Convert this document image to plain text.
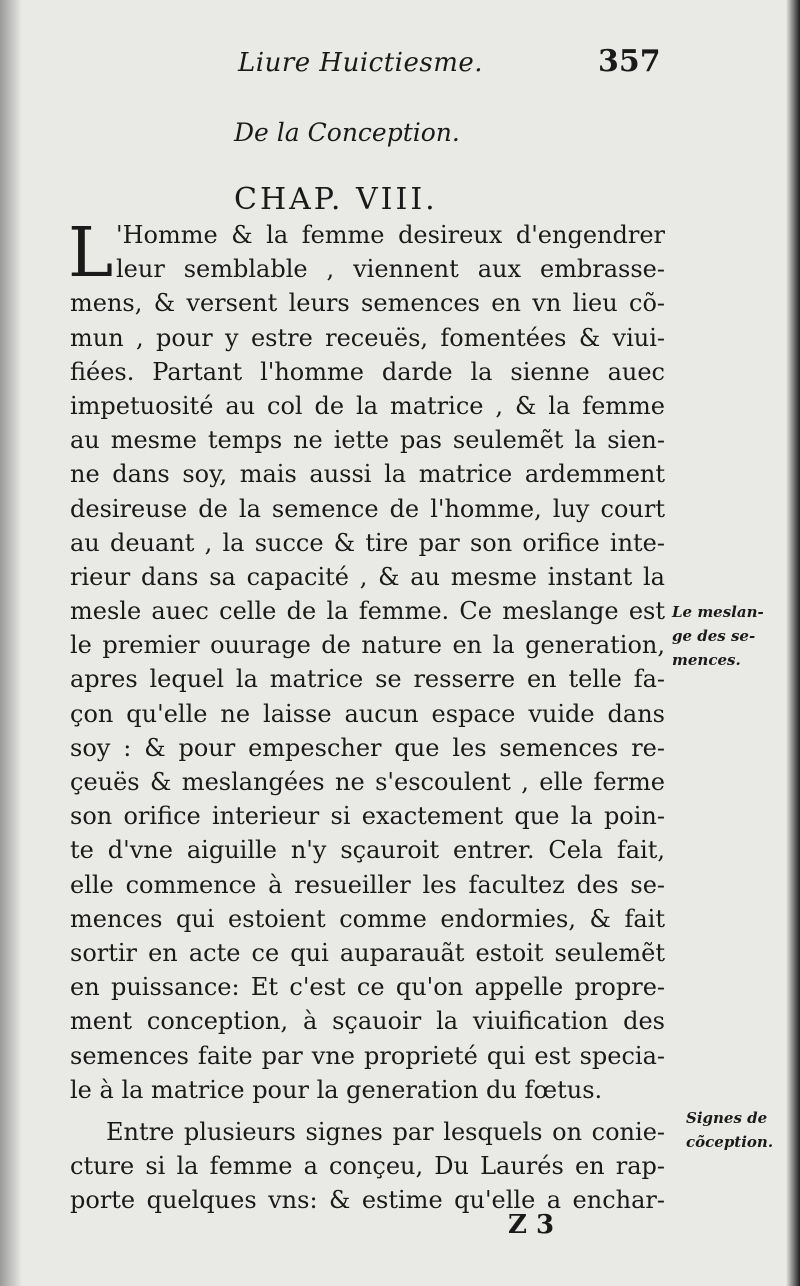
Liure Huictiesme.	357
De la Conception.
CHAP. VIII.
L 'Homme & la femme desireux d'engendrer
leur semblable , viennent aux embrasse-
mens, & versent leurs semences en vn lieu cõ-
mun , pour y estre receuës, fomentées & viui-
fiées. Partant l'homme darde la sienne auec
impetuosité au col de la matrice , & la femme
au mesme temps ne iette pas seulemẽt la sien-
ne dans soy, mais aussi la matrice ardemment
desireuse de la semence de l'homme, luy court
au deuant , la succe & tire par son orifice inte-
rieur dans sa capacité , & au mesme instant la
mesle auec celle de la femme. Ce meslange est
le premier ouurage de nature en la generation,
apres lequel la matrice se resserre en telle fa-
çon qu'elle ne laisse aucun espace vuide dans
soy : & pour empescher que les semences re-
çeuës & meslangées ne s'escoulent , elle ferme
son orifice interieur si exactement que la poin-
te d'vne aiguille n'y sçauroit entrer. Cela fait,
elle commence à resueiller les facultez des se-
mences qui estoient comme endormies, & fait
sortir en acte ce qui auparauãt estoit seulemẽt
en puissance: Et c'est ce qu'on appelle propre-
ment conception, à sçauoir la viuification des
semences faite par vne proprieté qui est specia-
le à la matrice pour la generation du fœtus.
Entre plusieurs signes par lesquels on conie-
cture si la femme a conçeu, Du Laurés en rap-
porte quelques vns: & estime qu'elle a enchar-
Le meslan-
ge des se-
mences.
Signes de
cõception.
Z 3
